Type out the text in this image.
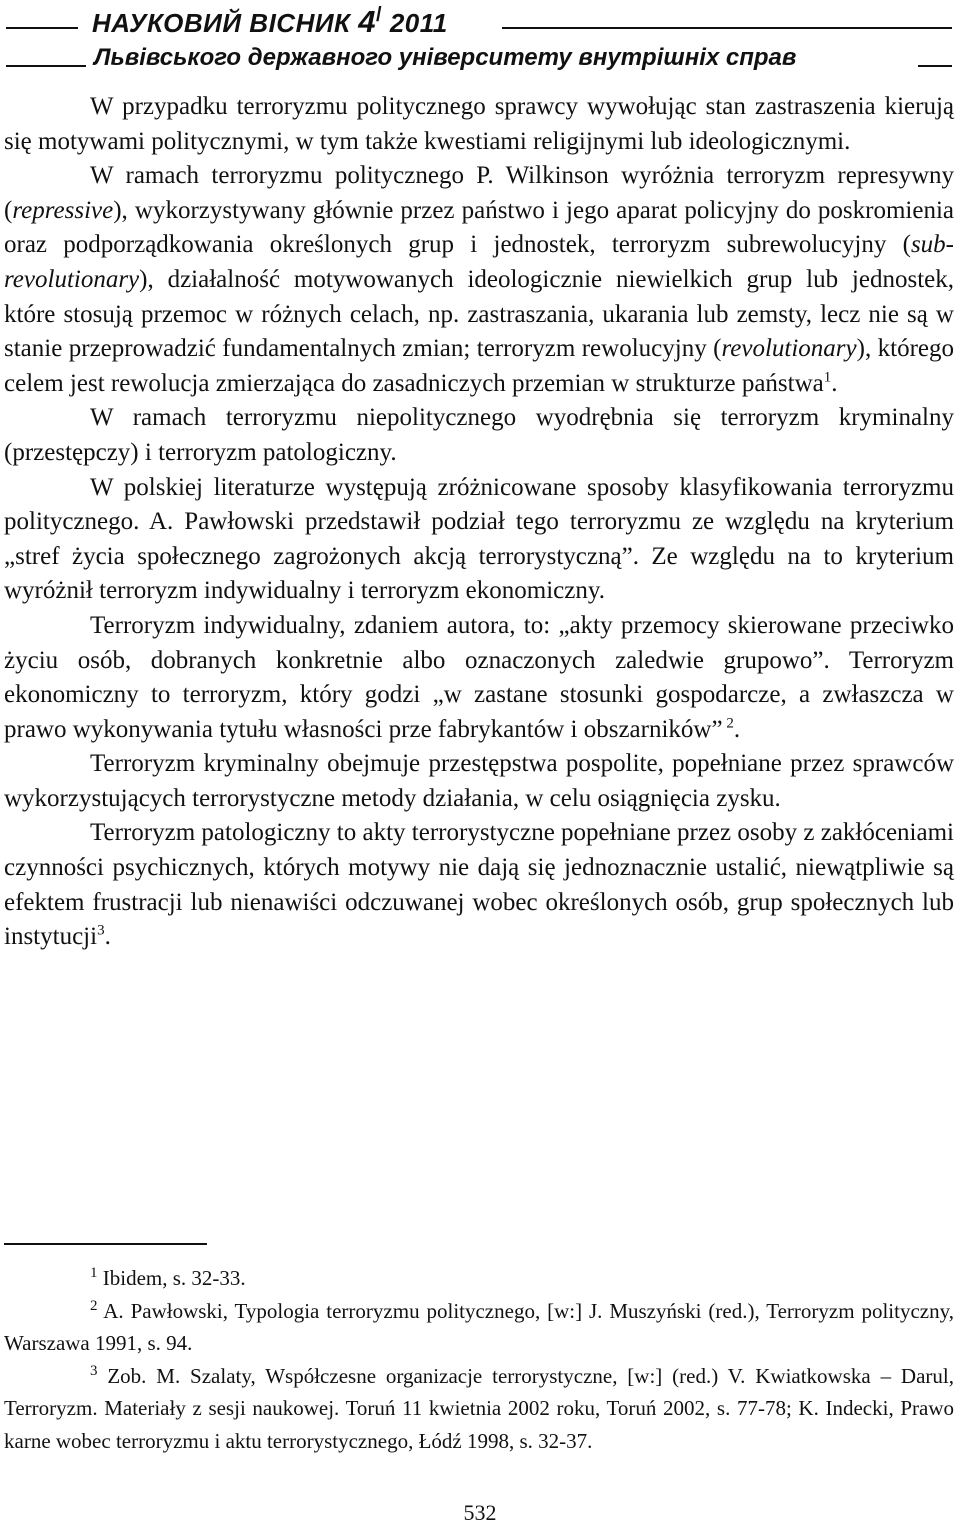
НАУКОВИЙ ВІСНИК 4/ 2011
Львівського державного університету внутрішніх справ

W przypadku terroryzmu politycznego sprawcy wywołując stan zastraszenia kierują się motywami politycznymi, w tym także kwestiami religijnymi lub ideologicznymi.

W ramach terroryzmu politycznego P. Wilkinson wyróżnia terroryzm represywny (repressive), wykorzystywany głównie przez państwo i jego aparat policyjny do poskromienia oraz podporządkowania określonych grup i jednostek, terroryzm subrewolucyjny (sub-revolutionary), działalność motywowanych ideologicznie niewielkich grup lub jednostek, które stosują przemoc w różnych celach, np. zastraszania, ukarania lub zemsty, lecz nie są w stanie przeprowadzić fundamentalnych zmian; terroryzm rewolucyjny (revolutionary), którego celem jest rewolucja zmierzająca do zasadniczych przemian w strukturze państwa$^1$.

W ramach terroryzmu niepolitycznego wyodrębnia się terroryzm kryminalny (przestępczy) i terroryzm patologiczny.

W polskiej literaturze występują zróżnicowane sposoby klasyfikowania terroryzmu politycznego. A. Pawłowski przedstawił podział tego terroryzmu ze względu na kryterium „stref życia społecznego zagrożonych akcją terrorystyczną”. Ze względu na to kryterium wyróżnił terroryzm indywidualny i terroryzm ekonomiczny.

Terroryzm indywidualny, zdaniem autora, to: „akty przemocy skierowane przeciwko życiu osób, dobranych konkretnie albo oznaczonych zaledwie grupowo”. Terroryzm ekonomiczny to terroryzm, który godzi „w zastane stosunki gospodarcze, a zwłaszcza w prawo wykonywania tytułu własności prze fabrykantów i obszarników” $^2$.

Terroryzm kryminalny obejmuje przestępstwa pospolite, popełniane przez sprawców wykorzystujących terrorystyczne metody działania, w celu osiągnięcia zysku.

Terroryzm patologiczny to akty terrorystyczne popełniane przez osoby z zakłóceniami czynności psychicznych, których motywy nie dają się jednoznacznie ustalić, niewątpliwie są efektem frustracji lub nienawiści odczuwanej wobec określonych osób, grup społecznych lub instytucji$^3$.

$^1$ Ibidem, s. 32-33.

$^2$ A. Pawłowski, Typologia terroryzmu politycznego, [w:] J. Muszyński (red.), Terroryzm polityczny, Warszawa 1991, s. 94.

$^3$ Zob. M. Szalaty, Współczesne organizacje terrorystyczne, [w:] (red.) V. Kwiatkowska – Darul, Terroryzm. Materiały z sesji naukowej. Toruń 11 kwietnia 2002 roku, Toruń 2002, s. 77-78; K. Indecki, Prawo karne wobec terroryzmu i aktu terrorystycznego, Łódź 1998, s. 32-37.

532
